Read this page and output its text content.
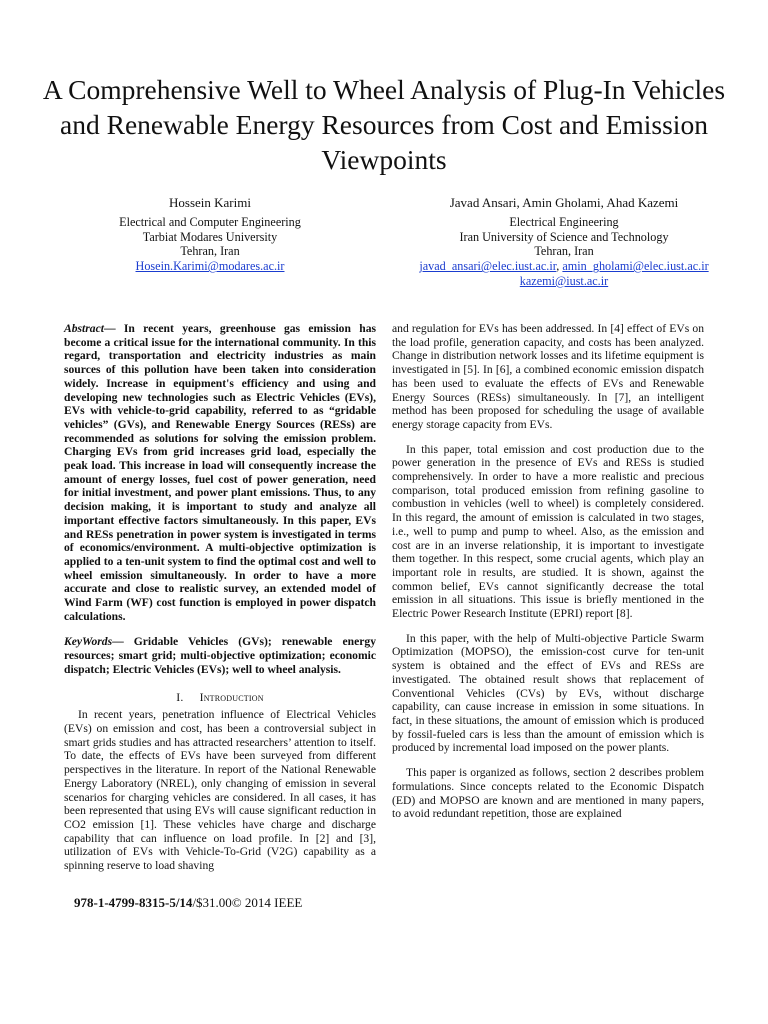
A Comprehensive Well to Wheel Analysis of Plug-In Vehicles and Renewable Energy Resources from Cost and Emission Viewpoints
Hossein Karimi
Electrical and Computer Engineering
Tarbiat Modares University
Tehran, Iran
Hosein.Karimi@modares.ac.ir
Javad Ansari, Amin Gholami, Ahad Kazemi
Electrical Engineering
Iran University of Science and Technology
Tehran, Iran
javad_ansari@elec.iust.ac.ir, amin_gholami@elec.iust.ac.ir
kazemi@iust.ac.ir

Abstract— In recent years, greenhouse gas emission has become a critical issue for the international community. In this regard, transportation and electricity industries as main sources of this pollution have been taken into consideration widely. Increase in equipment's efficiency and using and developing new technologies such as Electric Vehicles (EVs), EVs with vehicle-to-grid capability, referred to as “gridable vehicles” (GVs), and Renewable Energy Sources (RESs) are recommended as solutions for solving the emission problem. Charging EVs from grid increases grid load, especially the peak load. This increase in load will consequently increase the amount of energy losses, fuel cost of power generation, need for initial investment, and power plant emissions. Thus, to any decision making, it is important to study and analyze all important effective factors simultaneously. In this paper, EVs and RESs penetration in power system is investigated in terms of economics/environment. A multi-objective optimization is applied to a ten-unit system to find the optimal cost and well to wheel emission simultaneously. In order to have a more accurate and close to realistic survey, an extended model of Wind Farm (WF) cost function is employed in power dispatch calculations.

KeyWords— Gridable Vehicles (GVs); renewable energy resources; smart grid; multi-objective optimization; economic dispatch; Electric Vehicles (EVs); well to wheel analysis.

I. Introduction

In recent years, penetration influence of Electrical Vehicles (EVs) on emission and cost, has been a controversial subject in smart grids studies and has attracted researchers’ attention to itself. To date, the effects of EVs have been surveyed from different perspectives in the literature. In report of the National Renewable Energy Laboratory (NREL), only changing of emission in several scenarios for charging vehicles are considered. In all cases, it has been represented that using EVs will cause significant reduction in CO2 emission [1]. These vehicles have charge and discharge capability that can influence on load profile. In [2] and [3], utilization of EVs with Vehicle-To-Grid (V2G) capability as a spinning reserve to load shaving

and regulation for EVs has been addressed. In [4] effect of EVs on the load profile, generation capacity, and costs has been analyzed. Change in distribution network losses and its lifetime equipment is investigated in [5]. In [6], a combined economic emission dispatch has been used to evaluate the effects of EVs and Renewable Energy Sources (RESs) simultaneously. In [7], an intelligent method has been proposed for scheduling the usage of available energy storage capacity from EVs.

In this paper, total emission and cost production due to the power generation in the presence of EVs and RESs is studied comprehensively. In order to have a more realistic and precious comparison, total produced emission from refining gasoline to combustion in vehicles (well to wheel) is completely considered. In this regard, the amount of emission is calculated in two stages, i.e., well to pump and pump to wheel. Also, as the emission and cost are in an inverse relationship, it is important to investigate them together. In this respect, some crucial agents, which play an important role in results, are studied. It is shown, against the common belief, EVs cannot significantly decrease the total emission in all situations. This issue is briefly mentioned in the Electric Power Research Institute (EPRI) report [8].

In this paper, with the help of Multi-objective Particle Swarm Optimization (MOPSO), the emission-cost curve for ten-unit system is obtained and the effect of EVs and RESs are investigated. The obtained result shows that replacement of Conventional Vehicles (CVs) by EVs, without discharge capability, can cause increase in emission in some situations. In fact, in these situations, the amount of emission which is produced by fossil-fueled cars is less than the amount of emission which is produced by incremental load imposed on the power plants.

This paper is organized as follows, section 2 describes problem formulations. Since concepts related to the Economic Dispatch (ED) and MOPSO are known and are mentioned in many papers, to avoid redundant repetition, those are explained

978-1-4799-8315-5/14/$31.00© 2014 IEEE
